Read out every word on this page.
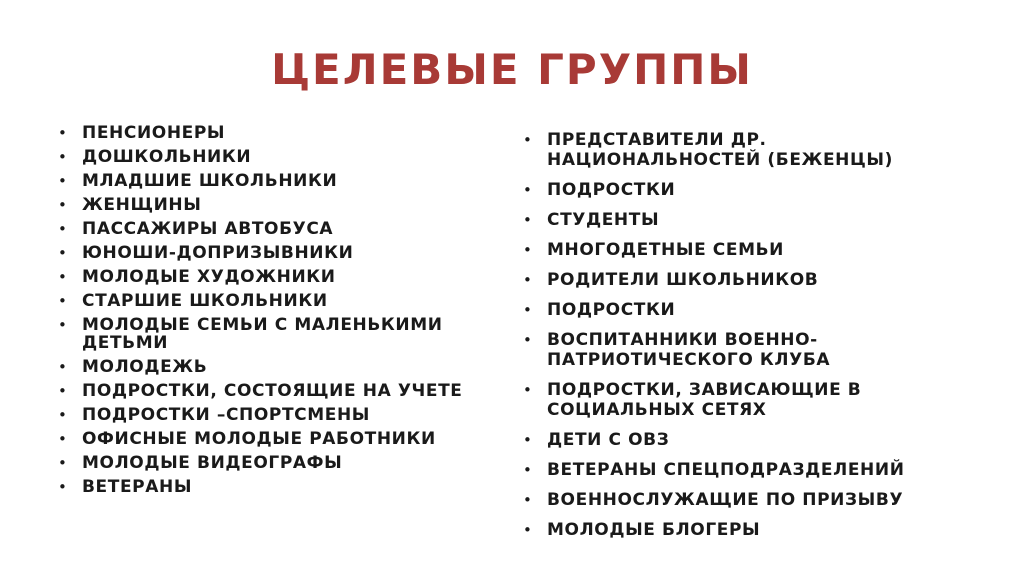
ЦЕЛЕВЫЕ ГРУППЫ
• ПЕНСИОНЕРЫ
• ДОШКОЛЬНИКИ
• МЛАДШИЕ ШКОЛЬНИКИ
• ЖЕНЩИНЫ
• ПАССАЖИРЫ АВТОБУСА
• ЮНОШИ-ДОПРИЗЫВНИКИ
• МОЛОДЫЕ ХУДОЖНИКИ
• СТАРШИЕ ШКОЛЬНИКИ
• МОЛОДЫЕ СЕМЬИ С МАЛЕНЬКИМИ ДЕТЬМИ
• МОЛОДЕЖЬ
• ПОДРОСТКИ, СОСТОЯЩИЕ НА УЧЕТЕ
• ПОДРОСТКИ –СПОРТСМЕНЫ
• ОФИСНЫЕ МОЛОДЫЕ РАБОТНИКИ
• МОЛОДЫЕ ВИДЕОГРАФЫ
• ВЕТЕРАНЫ
• ПРЕДСТАВИТЕЛИ ДР. НАЦИОНАЛЬНОСТЕЙ (БЕЖЕНЦЫ)
• ПОДРОСТКИ
• СТУДЕНТЫ
• МНОГОДЕТНЫЕ СЕМЬИ
• РОДИТЕЛИ ШКОЛЬНИКОВ
• ПОДРОСТКИ
• ВОСПИТАННИКИ ВОЕННО-ПАТРИОТИЧЕСКОГО КЛУБА
• ПОДРОСТКИ, ЗАВИСАЮЩИЕ В СОЦИАЛЬНЫХ СЕТЯХ
• ДЕТИ С ОВЗ
• ВЕТЕРАНЫ СПЕЦПОДРАЗДЕЛЕНИЙ
• ВОЕННОСЛУЖАЩИЕ ПО ПРИЗЫВУ
• МОЛОДЫЕ БЛОГЕРЫ
